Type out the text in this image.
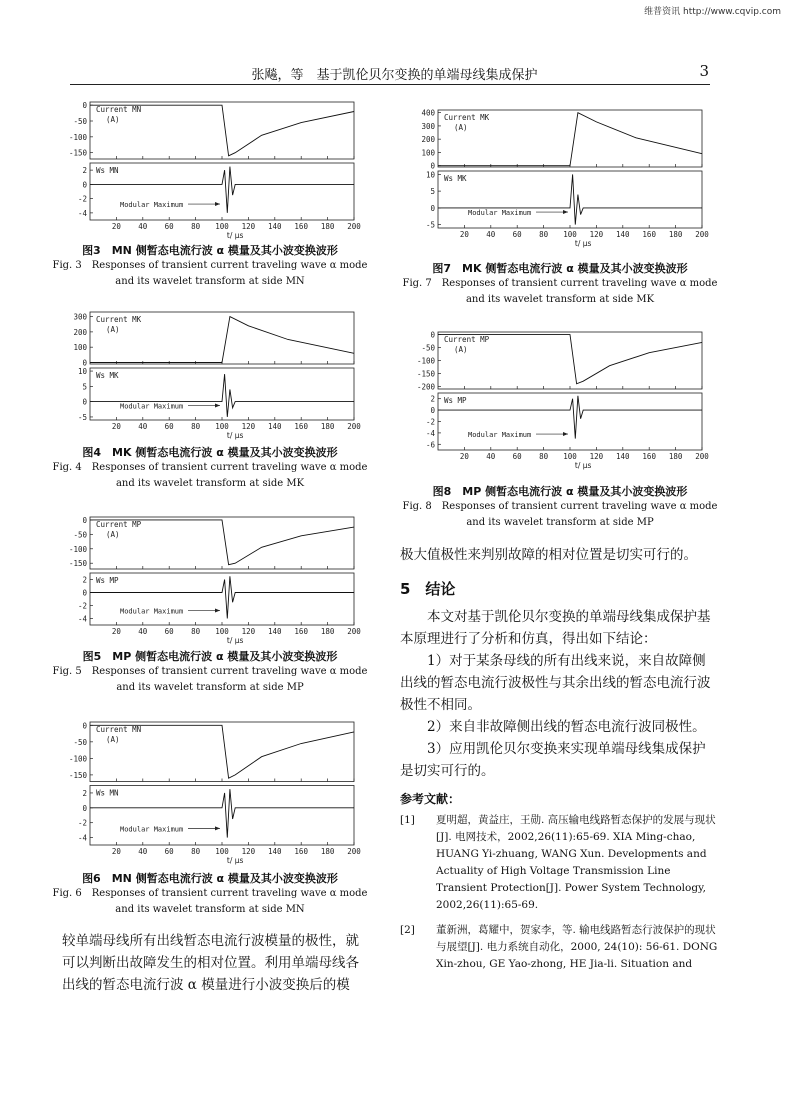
维普资讯 http://www.cqvip.com
张飚，等　基于凯伦贝尔变换的单端母线集成保护	3
0
-50
-100
-150
Current MN
(A)
2
0
-2
-4
Ws MN
Modular Maximum
20 40 60 80 100 120 140 160 180 200
t/ μs
图3　MN 侧暂态电流行波 α 模量及其小波变换波形
Fig. 3　Responses of transient current traveling wave α mode
and its wavelet transform at side MN
300
200
100
0
Current MK
(A)
10
5
0
-5
Ws MK
Modular Maximum
20 40 60 80 100 120 140 160 180 200
t/ μs
图4　MK 侧暂态电流行波 α 模量及其小波变换波形
Fig. 4　Responses of transient current traveling wave α mode
and its wavelet transform at side MK
0
-50
-100
-150
Current MP
(A)
2
0
-2
-4
Ws MP
Modular Maximum
20 40 60 80 100 120 140 160 180 200
t/ μs
图5　MP 侧暂态电流行波 α 模量及其小波变换波形
Fig. 5　Responses of transient current traveling wave α mode
and its wavelet transform at side MP
0
-50
-100
-150
Current MN
(A)
2
0
-2
-4
Ws MN
Modular Maximum
20 40 60 80 100 120 140 160 180 200
t/ μs
图6　MN 侧暂态电流行波 α 模量及其小波变换波形
Fig. 6　Responses of transient current traveling wave α mode
and its wavelet transform at side MN
较单端母线所有出线暂态电流行波模量的极性，就可以判断出故障发生的相对位置。利用单端母线各出线的暂态电流行波 α 模量进行小波变换后的模
400
300
200
100
0
Current MK
(A)
10
5
0
-5
Ws MK
Modular Maximum
20 40 60 80 100 120 140 160 180 200
t/ μs
图7　MK 侧暂态电流行波 α 模量及其小波变换波形
Fig. 7　Responses of transient current traveling wave α mode
and its wavelet transform at side MK
0
-50
-100
-150
-200
Current MP
(A)
2
0
-2
-4
-6
Ws MP
Modular Maximum
20 40 60 80 100 120 140 160 180 200
t/ μs
图8　MP 侧暂态电流行波 α 模量及其小波变换波形
Fig. 8　Responses of transient current traveling wave α mode
and its wavelet transform at side MP
极大值极性来判别故障的相对位置是切实可行的。
5　结论

本文对基于凯伦贝尔变换的单端母线集成保护基本原理进行了分析和仿真，得出如下结论：

1）对于某条母线的所有出线来说，来自故障侧出线的暂态电流行波极性与其余出线的暂态电流行波极性不相同。

2）来自非故障侧出线的暂态电流行波同极性。

3）应用凯伦贝尔变换来实现单端母线集成保护是切实可行的。

参考文献：
[1]	夏明超，黄益庄，王勋. 高压输电线路暂态保护的发展与现状[J]. 电网技术，2002,26(11):65-69. XIA Ming-chao, HUANG Yi-zhuang, WANG Xun. Developments and Actuality of High Voltage Transmission Line Transient Protection[J]. Power System Technology, 2002,26(11):65-69.
[2]	董新洲，葛耀中，贺家李，等. 输电线路暂态行波保护的现状与展望[J]. 电力系统自动化，2000, 24(10): 56-61. DONG Xin-zhou, GE Yao-zhong, HE Jia-li. Situation and
